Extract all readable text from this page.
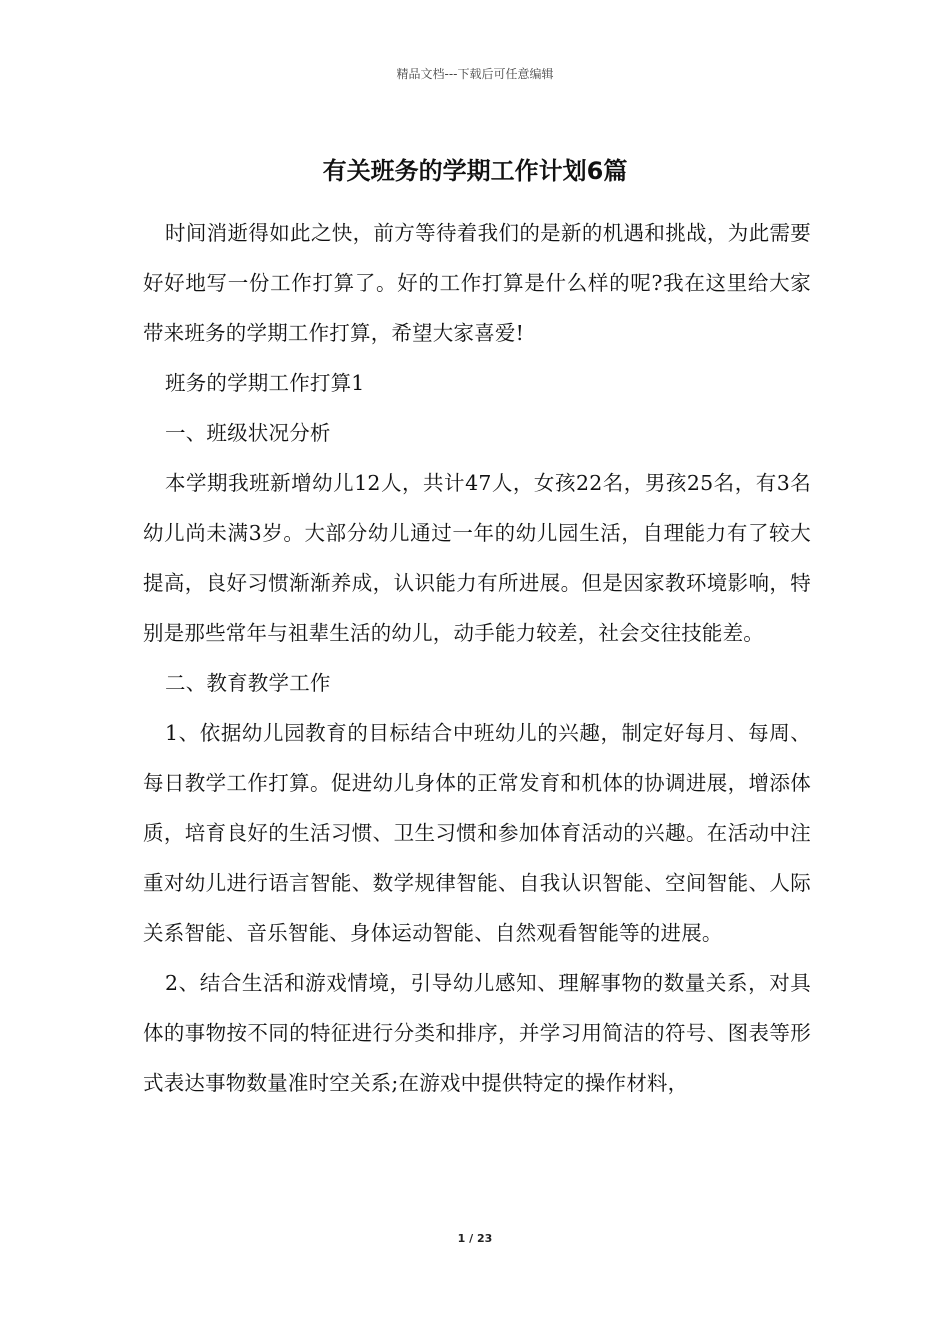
精品文档---下载后可任意编辑
有关班务的学期工作计划6篇

时间消逝得如此之快，前方等待着我们的是新的机遇和挑战，为此需要好好地写一份工作打算了。好的工作打算是什么样的呢?我在这里给大家带来班务的学期工作打算，希望大家喜爱!

班务的学期工作打算1

一、班级状况分析

本学期我班新增幼儿12人，共计47人，女孩22名，男孩25名，有3名幼儿尚未满3岁。大部分幼儿通过一年的幼儿园生活，自理能力有了较大提高，良好习惯渐渐养成，认识能力有所进展。但是因家教环境影响，特别是那些常年与祖辈生活的幼儿，动手能力较差，社会交往技能差。

二、教育教学工作

1、依据幼儿园教育的目标结合中班幼儿的兴趣，制定好每月、每周、每日教学工作打算。促进幼儿身体的正常发育和机体的协调进展，增添体质，培育良好的生活习惯、卫生习惯和参加体育活动的兴趣。在活动中注重对幼儿进行语言智能、数学规律智能、自我认识智能、空间智能、人际关系智能、音乐智能、身体运动智能、自然观看智能等的进展。

2、结合生活和游戏情境，引导幼儿感知、理解事物的数量关系，对具体的事物按不同的特征进行分类和排序，并学习用简洁的符号、图表等形式表达事物数量准时空关系;在游戏中提供特定的操作材料，

1 / 23
